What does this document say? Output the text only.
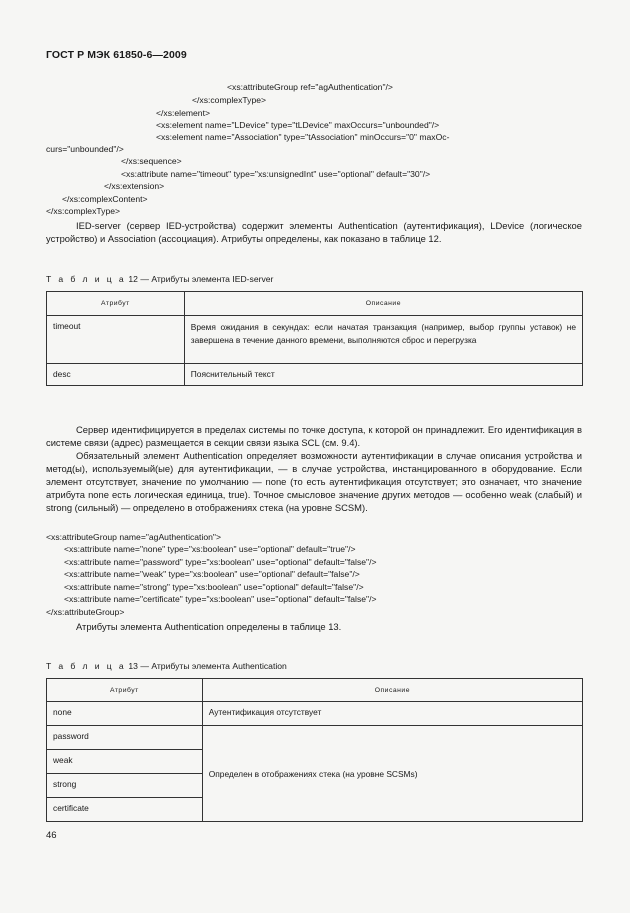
ГОСТ Р МЭК 61850-6—2009
<xs:attributeGroup ref="agAuthentication"/>
</xs:complexType>
</xs:element>
<xs:element name="LDevice" type="tLDevice" maxOccurs="unbounded"/>
<xs:element name="Association" type="tAssociation" minOccurs="0" maxOc-
curs="unbounded"/>
</xs:sequence>
<xs:attribute name="timeout" type="xs:unsignedInt" use="optional" default="30"/>
</xs:extension>
</xs:complexContent>
</xs:complexType>
IED-server (сервер IED-устройства) содержит элементы Authentication (аутентификация), LDevice (логическое устройство) и Association (ассоциация). Атрибуты определены, как показано в таблице 12.
Т а б л и ц а 12 — Атрибуты элемента IED-server
Атрибут	Описание
timeout	Время ожидания в секундах: если начатая транзакция (например, выбор группы уставок) не завершена в течение данного времени, выполняются сброс и перегрузка
desc	Пояснительный текст
Сервер идентифицируется в пределах системы по точке доступа, к которой он принадлежит. Его идентификация в системе связи (адрес) размещается в секции связи языка SCL (см. 9.4).
Обязательный элемент Authentication определяет возможности аутентификации в случае описания устройства и метод(ы), используемый(ые) для аутентификации, — в случае устройства, инстанцированного в оборудование. Если элемент отсутствует, значение по умолчанию — none (то есть аутентификация отсутствует; это означает, что значение атрибута none есть логическая единица, true). Точное смысловое значение других методов — особенно weak (слабый) и strong (сильный) — определено в отображениях стека (на уровне SCSM).
<xs:attributeGroup name="agAuthentication">
<xs:attribute name="none" type="xs:boolean" use="optional" default="true"/>
<xs:attribute name="password" type="xs:boolean" use="optional" default="false"/>
<xs:attribute name="weak" type="xs:boolean" use="optional" default="false"/>
<xs:attribute name="strong" type="xs:boolean" use="optional" default="false"/>
<xs:attribute name="certificate" type="xs:boolean" use="optional" default="false"/>
</xs:attributeGroup>
Атрибуты элемента Authentication определены в таблице 13.
Т а б л и ц а 13 — Атрибуты элемента Authentication
Атрибут	Описание
none	Аутентификация отсутствует
password	Определен в отображениях стека (на уровне SCSMs)
weak	
strong	
certificate	
46
